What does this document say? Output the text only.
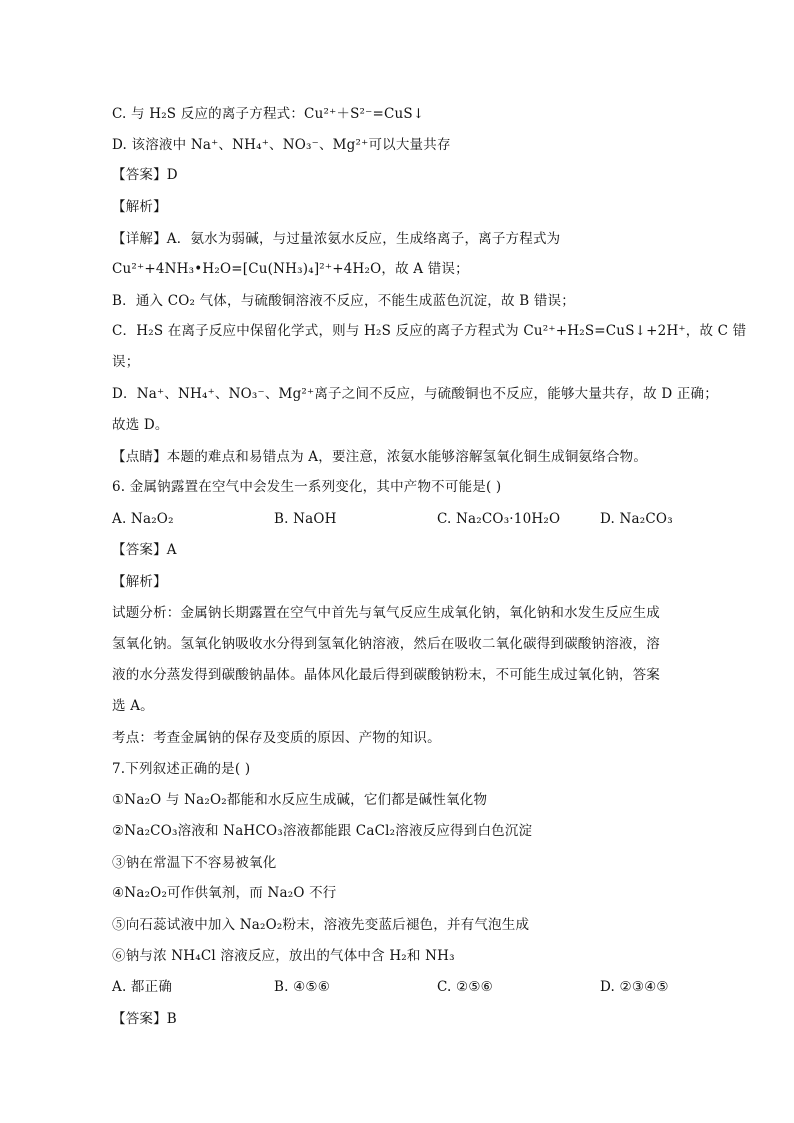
C. 与 H₂S 反应的离子方程式：Cu²⁺＋S²⁻=CuS↓
D. 该溶液中 Na⁺、NH₄⁺、NO₃⁻、Mg²⁺可以大量共存
【答案】D
【解析】
【详解】A．氨水为弱碱，与过量浓氨水反应，生成络离子，离子方程式为
Cu²⁺+4NH₃•H₂O=[Cu(NH₃)₄]²⁺+4H₂O，故 A 错误；
B．通入 CO₂ 气体，与硫酸铜溶液不反应，不能生成蓝色沉淀，故 B 错误；
C．H₂S 在离子反应中保留化学式，则与 H₂S 反应的离子方程式为 Cu²⁺+H₂S=CuS↓+2H⁺，故 C 错
误；
D．Na⁺、NH₄⁺、NO₃⁻、Mg²⁺离子之间不反应，与硫酸铜也不反应，能够大量共存，故 D 正确；
故选 D。
【点睛】本题的难点和易错点为 A，要注意，浓氨水能够溶解氢氧化铜生成铜氨络合物。
6. 金属钠露置在空气中会发生一系列变化，其中产物不可能是( )
A. Na₂O₂	B. NaOH	C. Na₂CO₃·10H₂O	D. Na₂CO₃
【答案】A
【解析】
试题分析：金属钠长期露置在空气中首先与氧气反应生成氧化钠，氧化钠和水发生反应生成
氢氧化钠。氢氧化钠吸收水分得到氢氧化钠溶液，然后在吸收二氧化碳得到碳酸钠溶液，溶
液的水分蒸发得到碳酸钠晶体。晶体风化最后得到碳酸钠粉末，不可能生成过氧化钠，答案
选 A。
考点：考查金属钠的保存及变质的原因、产物的知识。
7.下列叙述正确的是( )
①Na₂O 与 Na₂O₂都能和水反应生成碱，它们都是碱性氧化物
②Na₂CO₃溶液和 NaHCO₃溶液都能跟 CaCl₂溶液反应得到白色沉淀
③钠在常温下不容易被氧化
④Na₂O₂可作供氧剂，而 Na₂O 不行
⑤向石蕊试液中加入 Na₂O₂粉末，溶液先变蓝后褪色，并有气泡生成
⑥钠与浓 NH₄Cl 溶液反应，放出的气体中含 H₂和 NH₃
A. 都正确	B. ④⑤⑥	C. ②⑤⑥	D. ②③④⑤
【答案】B
